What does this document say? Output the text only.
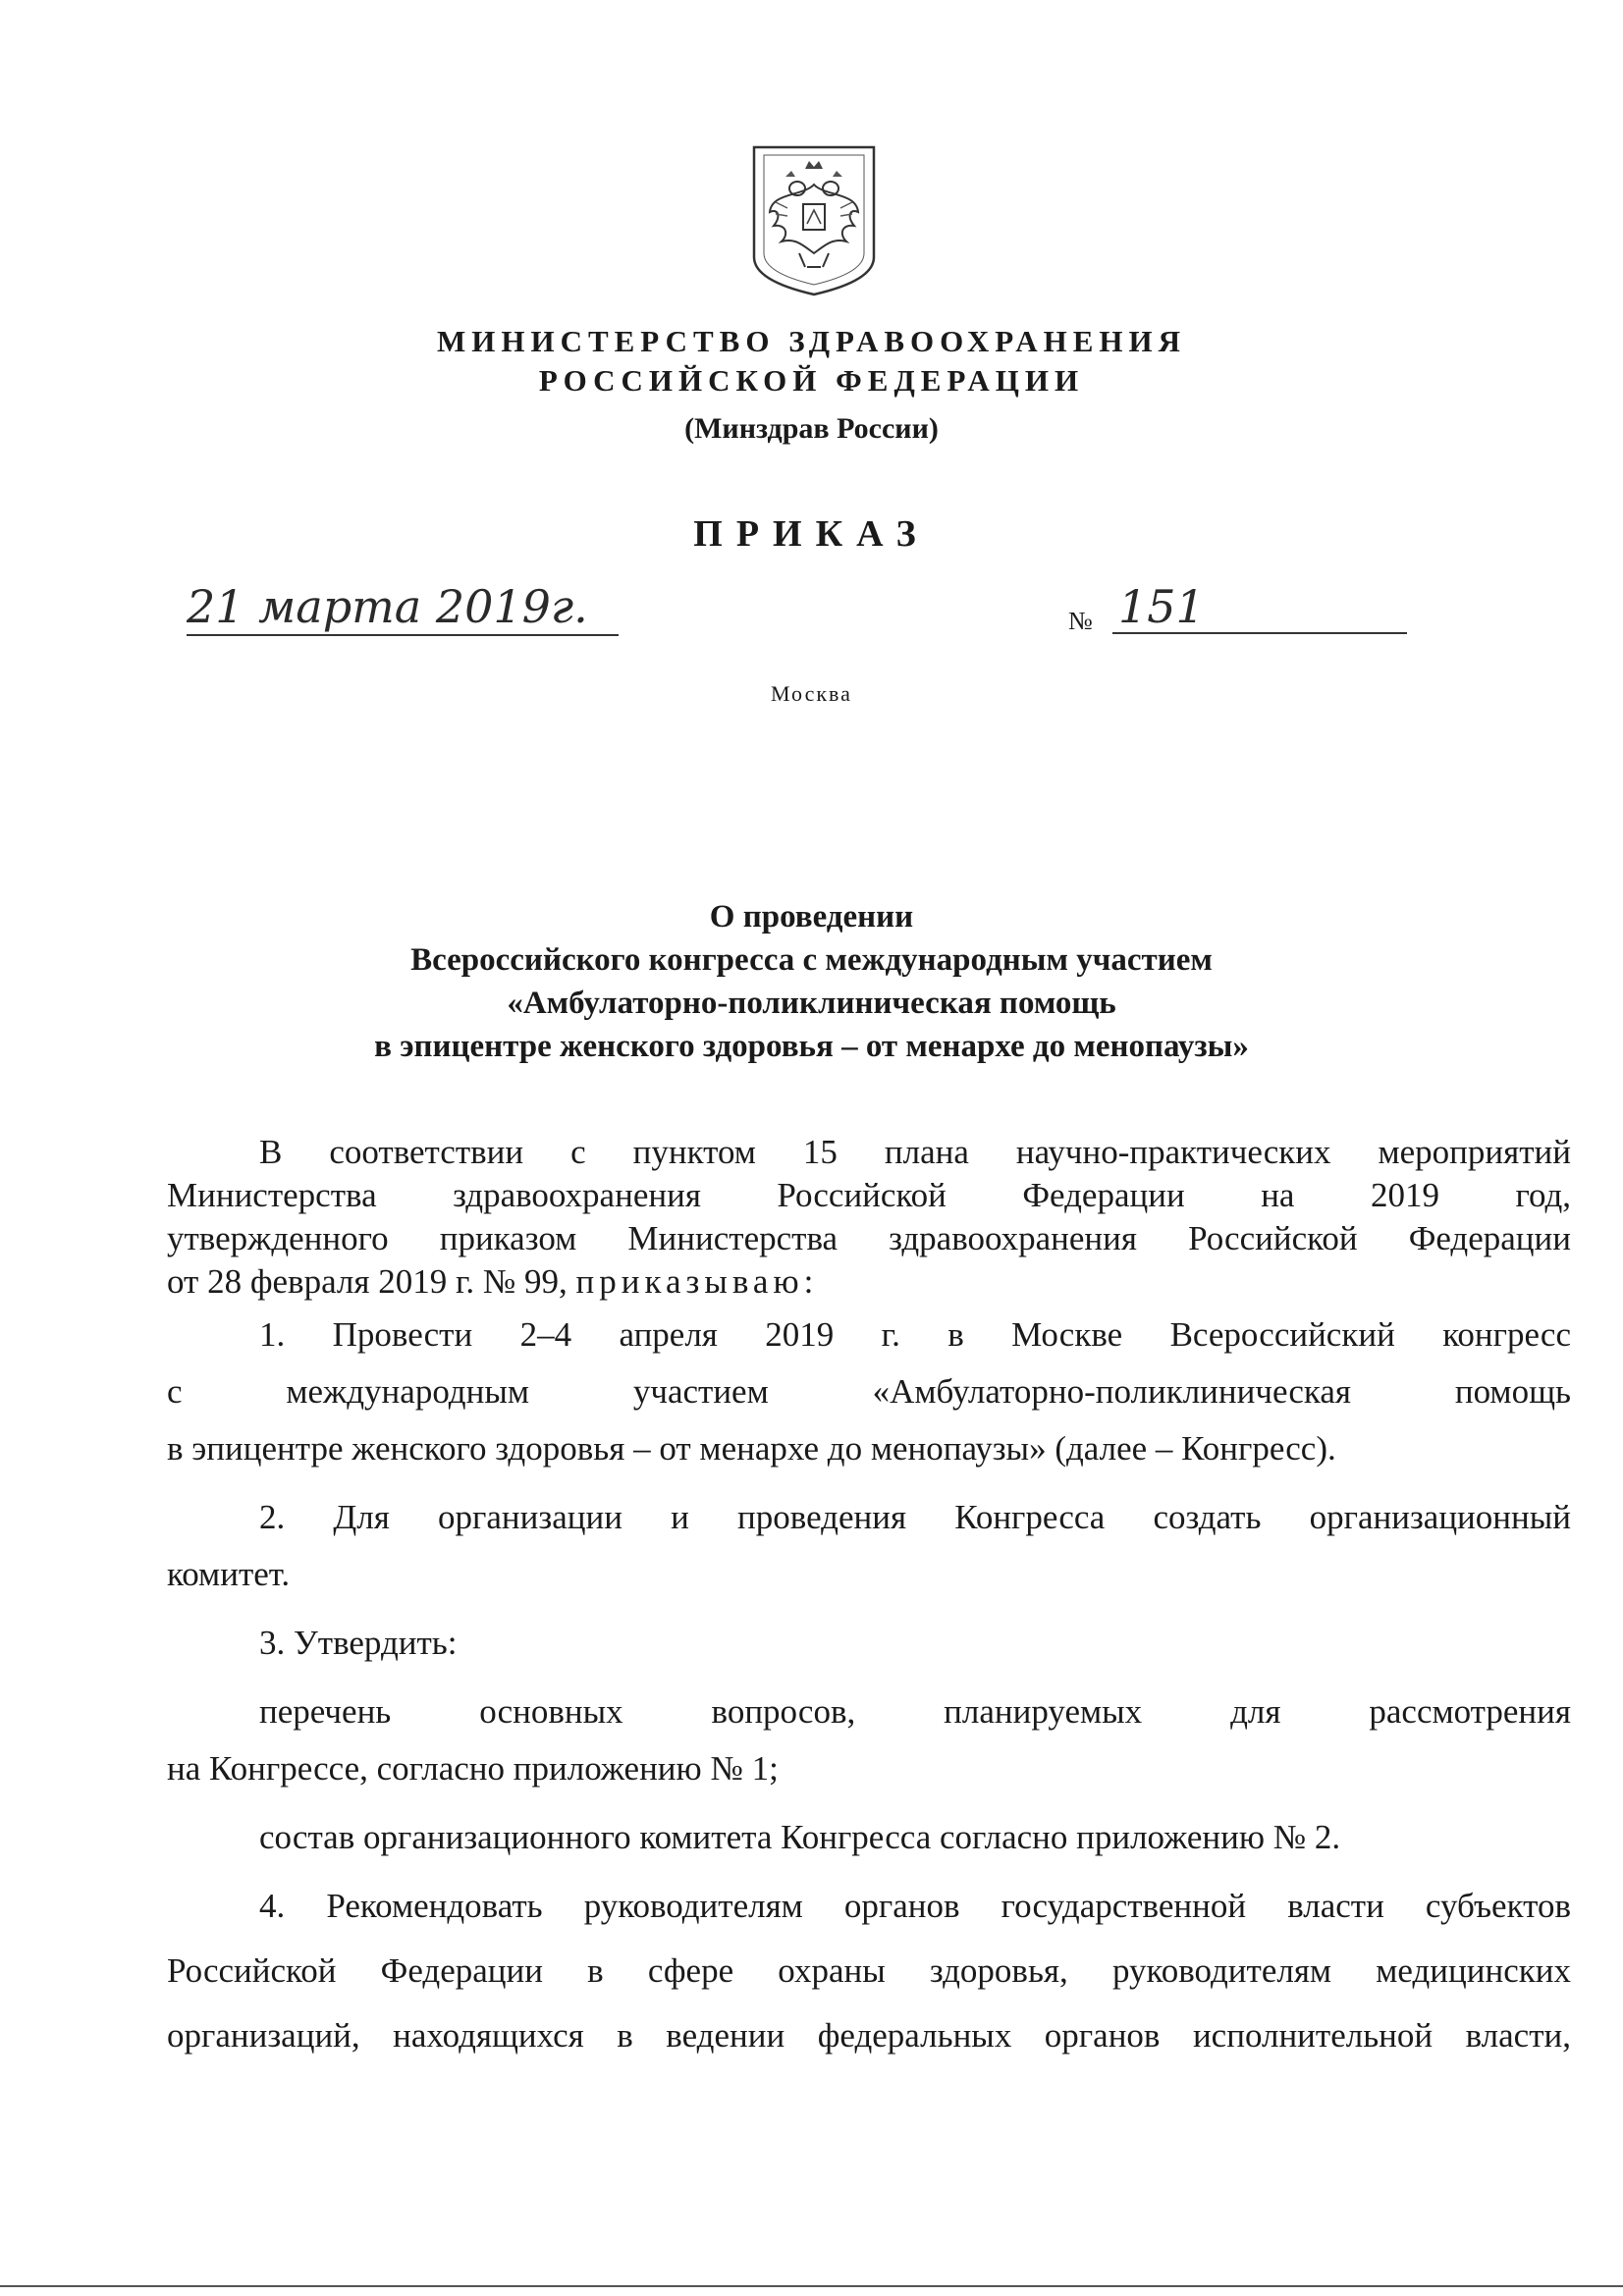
МИНИСТЕРСТВО ЗДРАВООХРАНЕНИЯ
РОССИЙСКОЙ ФЕДЕРАЦИИ
(Минздрав России)
ПРИКАЗ
21 марта 2019г.	№ 151
Москва
О проведении
Всероссийского конгресса с международным участием
«Амбулаторно-поликлиническая помощь
в эпицентре женского здоровья – от менархе до менопаузы»
В соответствии с пунктом 15 плана научно-практических мероприятий
Министерства здравоохранения Российской Федерации на 2019 год,
утвержденного приказом Министерства здравоохранения Российской Федерации
от 28 февраля 2019 г. № 99, приказываю:
1. Провести 2–4 апреля 2019 г. в Москве Всероссийский конгресс
с международным участием «Амбулаторно-поликлиническая помощь
в эпицентре женского здоровья – от менархе до менопаузы» (далее – Конгресс).
2. Для организации и проведения Конгресса создать организационный
комитет.
3. Утвердить:
перечень основных вопросов, планируемых для рассмотрения
на Конгрессе, согласно приложению № 1;
состав организационного комитета Конгресса согласно приложению № 2.
4. Рекомендовать руководителям органов государственной власти субъектов
Российской Федерации в сфере охраны здоровья, руководителям медицинских
организаций, находящихся в ведении федеральных органов исполнительной власти,
